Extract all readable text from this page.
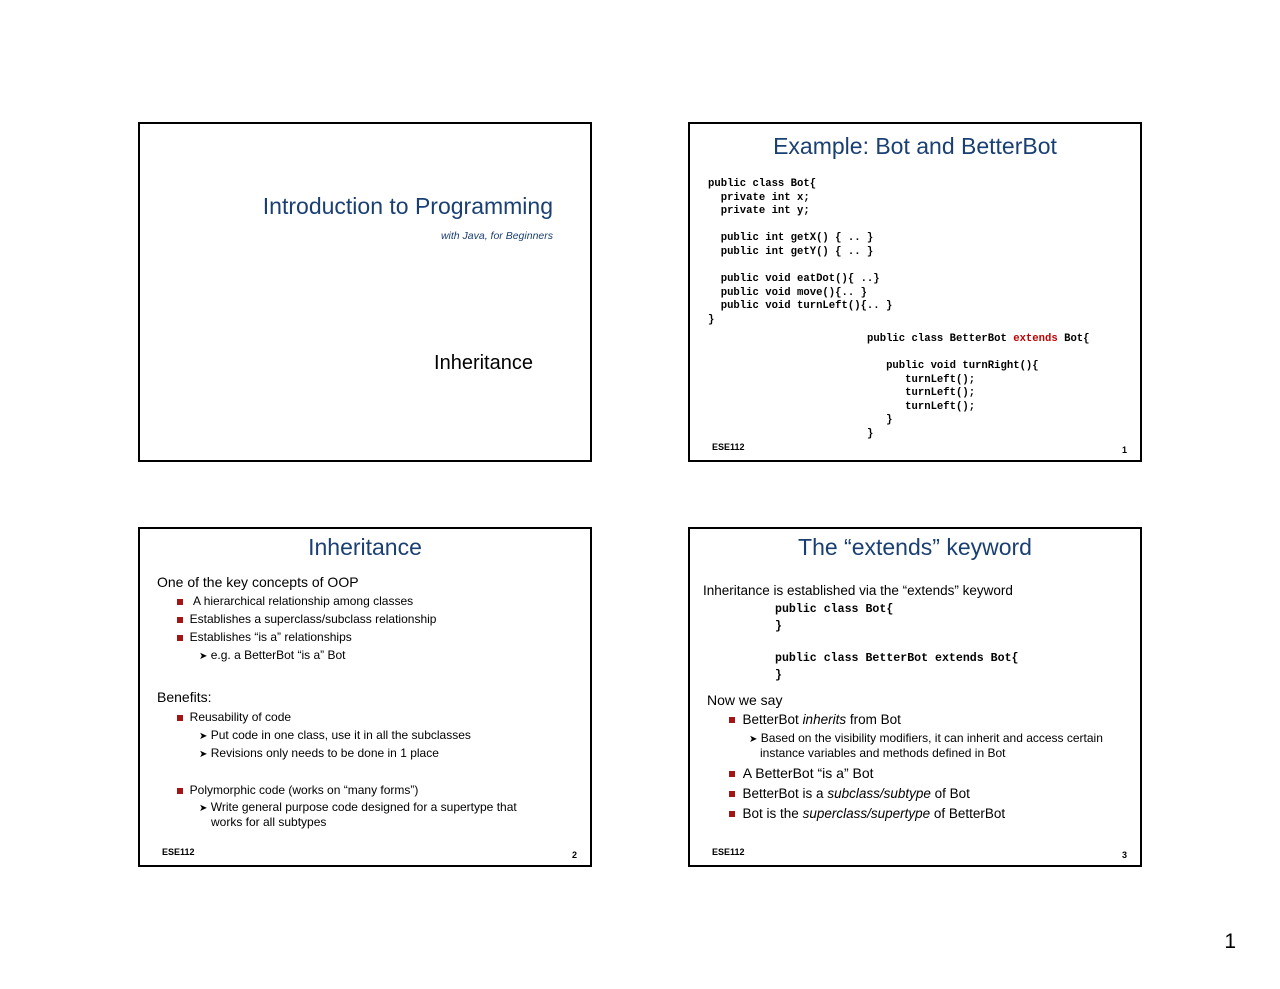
Introduction to Programming
with Java, for Beginners
Inheritance
Example: Bot and BetterBot
public class Bot{
private int x;
private int y;

public int getX() { .. }
public int getY() { .. }

public void eatDot(){ ..}
public void move(){.. }
public void turnLeft(){.. }
}
public class BetterBot extends Bot{
public void turnRight(){
turnLeft();
turnLeft();
turnLeft();
}
}
ESE112	1
Inheritance
One of the key concepts of OOP
A hierarchical relationship among classes
Establishes a superclass/subclass relationship
Establishes “is a” relationships
➤ e.g. a BetterBot “is a” Bot
Benefits:
Reusability of code
➤ Put code in one class, use it in all the subclasses
➤ Revisions only needs to be done in 1 place
Polymorphic code (works on “many forms”)
➤ Write general purpose code designed for a supertype that
works for all subtypes
ESE112	2
The “extends” keyword
Inheritance is established via the “extends” keyword
public class Bot{
}
public class BetterBot extends Bot{
}
Now we say
BetterBot inherits from Bot
➤ Based on the visibility modifiers, it can inherit and access certain
instance variables and methods defined in Bot
A BetterBot “is a” Bot
BetterBot is a subclass/subtype of Bot
Bot is the superclass/supertype of BetterBot
ESE112	3
1
